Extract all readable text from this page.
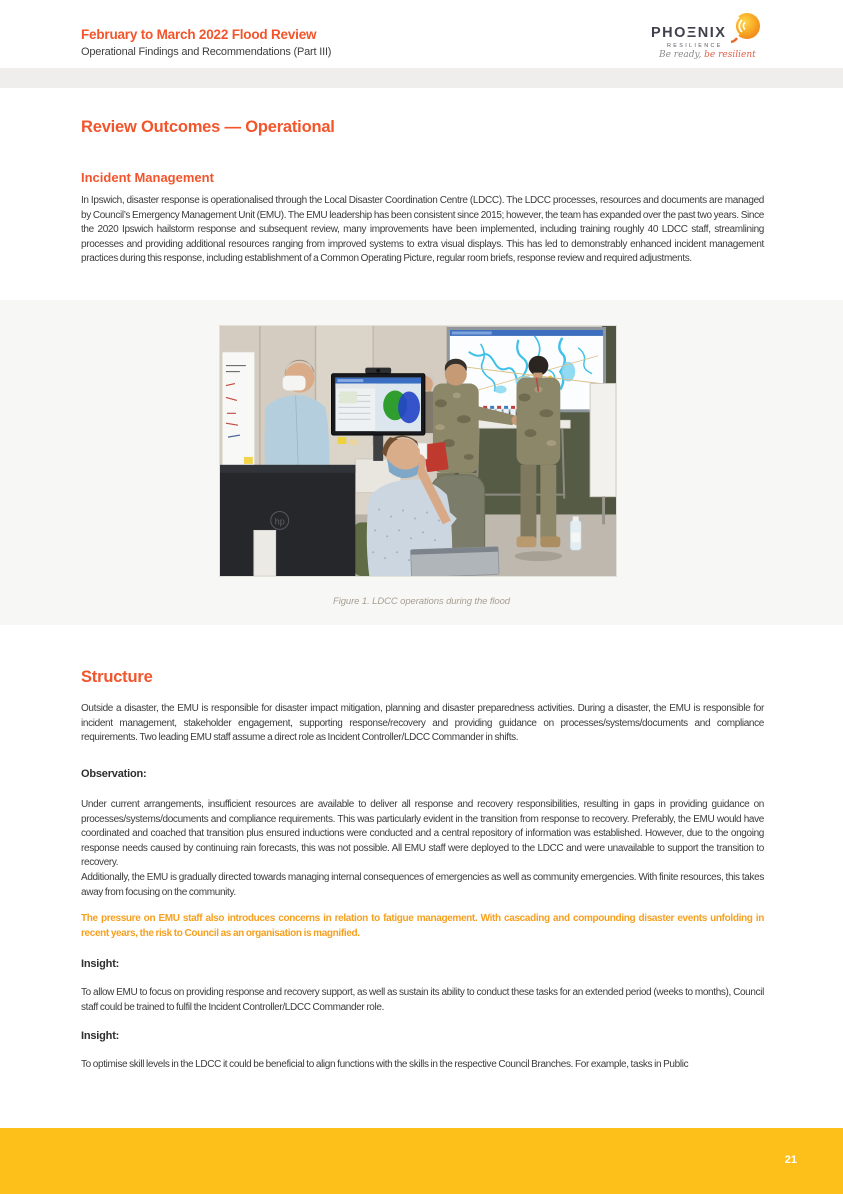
February to March 2022 Flood Review
Operational Findings and Recommendations (Part III)
PHOΞNIX
RESILIENCE
Be ready, be resilient
Review Outcomes — Operational
Incident Management
In Ipswich, disaster response is operationalised through the Local Disaster Coordination Centre (LDCC). The LDCC processes, resources and documents are managed by Council’s Emergency Management Unit (EMU). The EMU leadership has been consistent since 2015; however, the team has expanded over the past two years. Since the 2020 Ipswich hailstorm response and subsequent review, many improvements have been implemented, including training roughly 40 LDCC staff, streamlining processes and providing additional resources ranging from improved systems to extra visual displays. This has led to demonstrably enhanced incident management practices during this response, including establishment of a Common Operating Picture, regular room briefs, response review and required adjustments.
hp
Figure 1. LDCC operations during the flood
Structure
Outside a disaster, the EMU is responsible for disaster impact mitigation, planning and disaster preparedness activities. During a disaster, the EMU is responsible for incident management, stakeholder engagement, supporting response/recovery and providing guidance on processes/systems/documents and compliance requirements. Two leading EMU staff assume a direct role as Incident Controller/LDCC Commander in shifts.
Observation:
Under current arrangements, insufficient resources are available to deliver all response and recovery responsibilities, resulting in gaps in providing guidance on processes/systems/documents and compliance requirements. This was particularly evident in the transition from response to recovery. Preferably, the EMU would have coordinated and coached that transition plus ensured inductions were conducted and a central repository of information was established. However, due to the ongoing response needs caused by continuing rain forecasts, this was not possible. All EMU staff were deployed to the LDCC and were unavailable to support the transition to recovery.
Additionally, the EMU is gradually directed towards managing internal consequences of emergencies as well as community emergencies. With finite resources, this takes away from focusing on the community.
The pressure on EMU staff also introduces concerns in relation to fatigue management. With cascading and compounding disaster events unfolding in recent years, the risk to Council as an organisation is magnified.
Insight:
To allow EMU to focus on providing response and recovery support, as well as sustain its ability to conduct these tasks for an extended period (weeks to months), Council staff could be trained to fulfil the Incident Controller/LDCC Commander role.
Insight:
To optimise skill levels in the LDCC it could be beneficial to align functions with the skills in the respective Council Branches. For example, tasks in Public
21
